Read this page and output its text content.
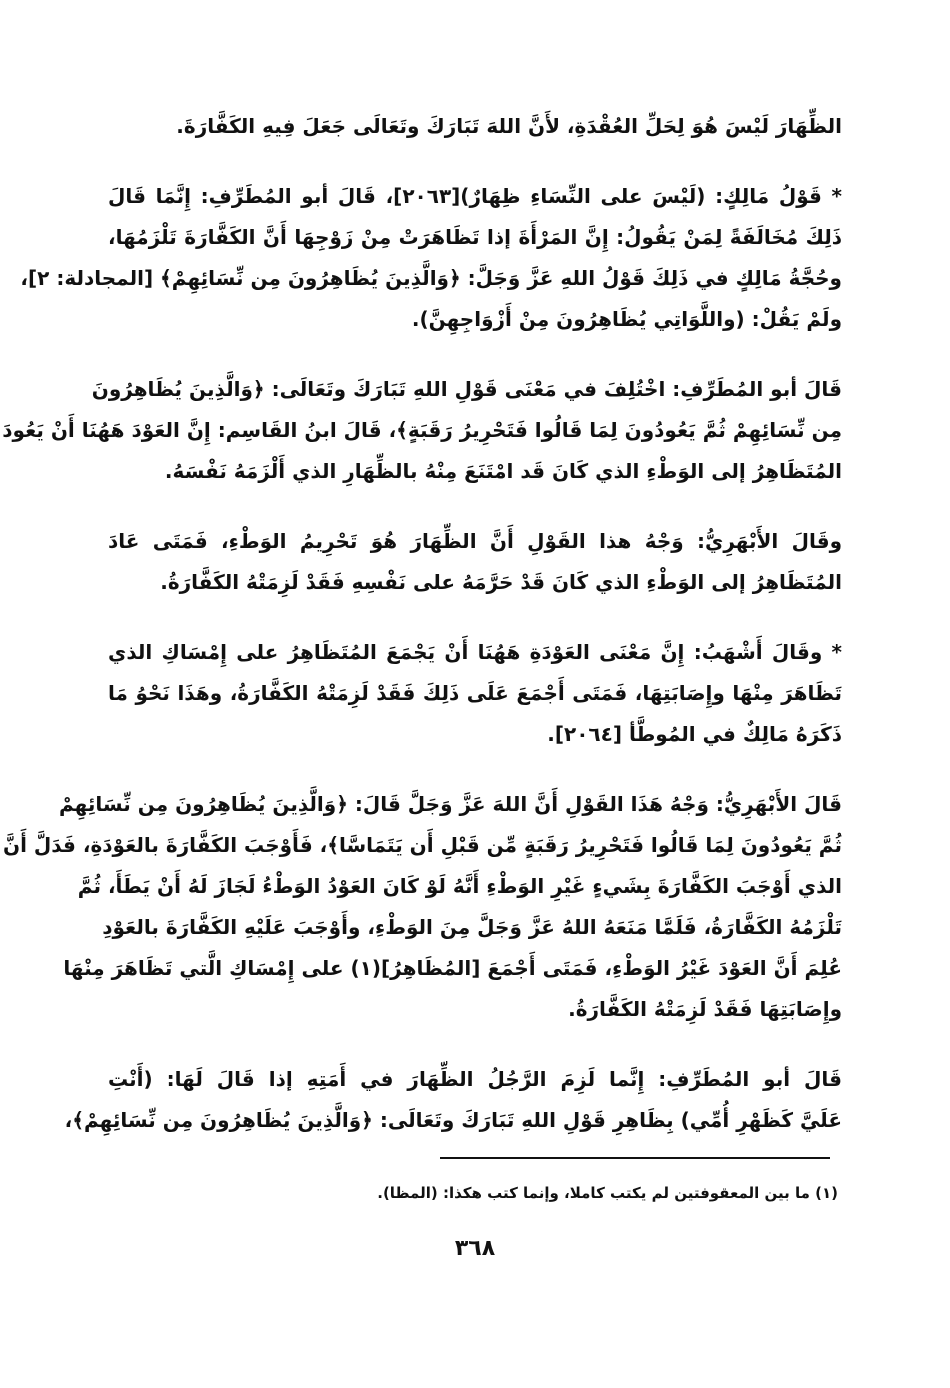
الظِّهَارَ لَيْسَ هُوَ لِحَلِّ العُقْدَةِ، لأَنَّ اللهَ تَبَارَكَ وتَعَالَى جَعَلَ فِيهِ الكَفَّارَةَ.
* قَوْلُ مَالِكٍ: (لَيْسَ على النِّسَاءِ ظِهَارٌ)[٢٠٦٣]، قَالَ أبو المُطَرِّفِ: إِنَّمَا قَالَ
ذَلِكَ مُخَالَفَةً لِمَنْ يَقُولُ: إِنَّ المَرْأَةَ إذا تَظَاهَرَتْ مِنْ زَوْجِهَا أَنَّ الكَفَّارَةَ تَلْزَمُهَا،
وحُجَّةُ مَالِكٍ في ذَلِكَ قَوْلُ اللهِ عَزَّ وَجَلَّ: ﴿وَالَّذِينَ يُظَاهِرُونَ مِن نِّسَائِهِمْ﴾ [المجادلة: ٢]،
ولَمْ يَقُلْ: (واللَّوَاتِي يُظَاهِرُونَ مِنْ أَزْوَاجِهِنَّ).
قَالَ أبو المُطَرِّفِ: اخْتُلِفَ في مَعْنَى قَوْلِ اللهِ تَبَارَكَ وتَعَالَى: ﴿وَالَّذِينَ يُظَاهِرُونَ
مِن نِّسَائِهِمْ ثُمَّ يَعُودُونَ لِمَا قَالُوا فَتَحْرِيرُ رَقَبَةٍ﴾، قَالَ ابنُ القَاسِم: إِنَّ العَوْدَ هَهُنَا أَنْ يَعُودَ
المُتَظَاهِرُ إلى الوَطْءِ الذي كَانَ قَد امْتَنَعَ مِنْهُ بالظِّهَارِ الذي أَلْزَمَهُ نَفْسَهُ.
وقَالَ الأَبْهَرِيُّ: وَجْهُ هذا القَوْلِ أَنَّ الظِّهَارَ هُوَ تَحْرِيمُ الوَطْءِ، فَمَتَى عَادَ
المُتَظَاهِرُ إلى الوَطْءِ الذي كَانَ قَدْ حَرَّمَهُ على نَفْسِهِ فَقَدْ لَزِمَتْهُ الكَفَّارَةُ.
* وقَالَ أَشْهَبُ: إِنَّ مَعْنَى العَوْدَةِ هَهُنَا أَنْ يَجْمَعَ المُتَظَاهِرُ على إِمْسَاكِ الذي
تَظَاهَرَ مِنْهَا وإِصَابَتِهَا، فَمَتَى أَجْمَعَ عَلَى ذَلِكَ فَقَدْ لَزِمَتْهُ الكَفَّارَةُ، وهَذَا نَحْوُ مَا
ذَكَرَهُ مَالِكٌ في المُوطَّأ [٢٠٦٤].
قَالَ الأَبْهَرِيُّ: وَجْهُ هَذَا القَوْلِ أَنَّ اللهَ عَزَّ وَجَلَّ قَالَ: ﴿وَالَّذِينَ يُظَاهِرُونَ مِن نِّسَائِهِمْ
ثُمَّ يَعُودُونَ لِمَا قَالُوا فَتَحْرِيرُ رَقَبَةٍ مِّن قَبْلِ أَن يَتَمَاسَّا﴾، فَأَوْجَبَ الكَفَّارَةَ بالعَوْدَةِ، فَدَلَّ أَنَّ
الذي أَوْجَبَ الكَفَّارَةَ بِشَيءٍ غَيْرِ الوَطْءِ أَنَّهُ لَوْ كَانَ العَوْدُ الوَطْءُ لَجَازَ لَهُ أَنْ يَطَأَ، ثُمَّ
تَلْزَمُهُ الكَفَّارَةُ، فَلَمَّا مَنَعَهُ اللهُ عَزَّ وَجَلَّ مِنَ الوَطْءِ، وأَوْجَبَ عَلَيْهِ الكَفَّارَةَ بالعَوْدِ
عُلِمَ أَنَّ العَوْدَ غَيْرُ الوَطْءِ، فَمَتَى أَجْمَعَ [المُظَاهِرُ](١) على إِمْسَاكِ الَّتي تَظَاهَرَ مِنْهَا
وإِصَابَتِهَا فَقَدْ لَزِمَتْهُ الكَفَّارَةُ.
قَالَ أبو المُطَرِّفِ: إِنَّما لَزِمَ الرَّجُلُ الظِّهَارَ في أَمَتِهِ إذا قَالَ لَهَا: (أَنْتِ
عَلَيَّ كَظَهْرِ أُمِّي) بِظَاهِرِ قَوْلِ اللهِ تَبَارَكَ وتَعَالَى: ﴿وَالَّذِينَ يُظَاهِرُونَ مِن نِّسَائِهِمْ﴾،
(١) ما بين المعقوفتين لم يكتب كاملا، وإنما كتب هكذا: (المظا).
٣٦٨
